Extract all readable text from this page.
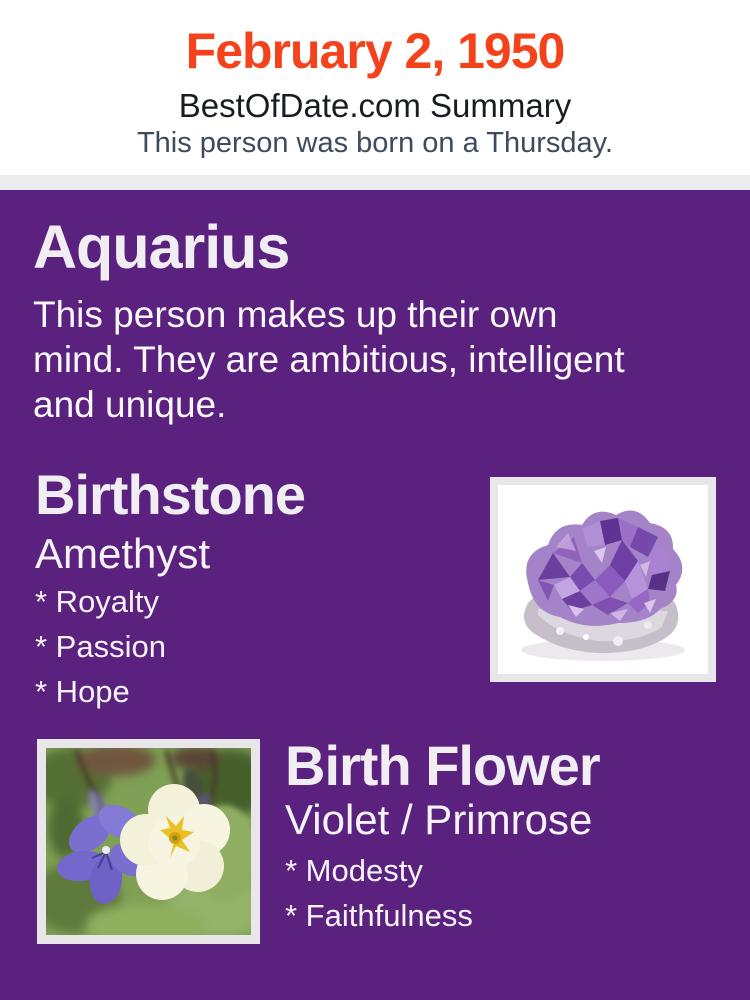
February 2, 1950
BestOfDate.com Summary
This person was born on a Thursday.
Aquarius
This person makes up their own mind. They are ambitious, intelligent and unique.
Birthstone
Amethyst
* Royalty
* Passion
* Hope
Birth Flower
Violet / Primrose
* Modesty
* Faithfulness
